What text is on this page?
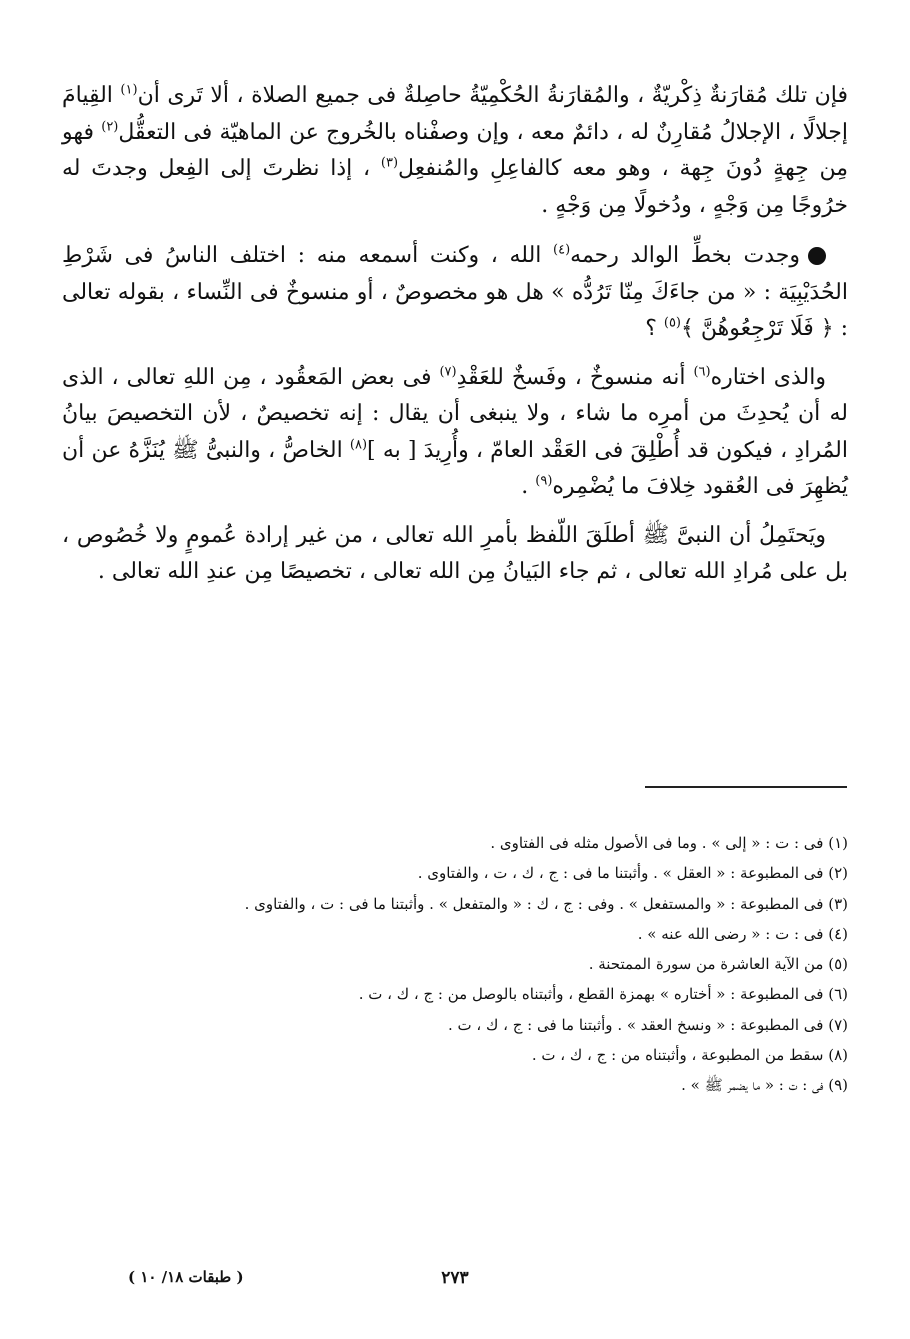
فإن تلك مُقارَنةٌ ذِكْريّةٌ ، والمُقارَنةُ الحُكْمِيّةُ حاصِلةٌ فى جميع الصلاة ، ألا تَرى أن$^{(١)}$ القِيامَ إجلالًا ، الإجلالُ مُقارِنٌ له ، دائمٌ معه ، وإن وصفْناه بالخُروج عن الماهيّة فى التعقُّل$^{(٢)}$ فهو مِن جِهةٍ دُونَ جِهة ، وهو معه كالفاعِلِ والمُنفعِل$^{(٣)}$ ، إذا نظرتَ إلى الفِعل وجدتَ له خرُوجًا مِن وَجْهٍ ، ودُخولًا مِن وَجْهٍ .

وجدت بخطِّ الوالد رحمه$^{(٤)}$ الله ، وكنت أسمعه منه : اختلف الناسُ فى شَرْطِ الحُدَيْبِيَة : « من جاءَكَ مِنّا تَرُدُّه » هل هو مخصوصٌ ، أو منسوخٌ فى النِّساء ، بقوله تعالى : ﴿ فَلَا تَرْجِعُوهُنَّ ﴾$^{(٥)}$ ؟

والذى اختاره$^{(٦)}$ أنه منسوخٌ ، وفَسخٌ للعَقْدِ$^{(٧)}$ فى بعض المَعقُود ، مِن اللهِ تعالى ، الذى له أن يُحدِثَ من أمرِه ما شاء ، ولا ينبغى أن يقال : إنه تخصيصٌ ، لأن التخصيصَ بيانُ المُرادِ ، فيكون قد أُطْلِقَ فى العَقْد العامّ ، وأُرِيدَ [ به ]$^{(٨)}$ الخاصُّ ، والنبىُّ ﷺ يُنَزَّهُ عن أن يُظهِرَ فى العُقود خِلافَ ما يُضْمِره$^{(٩)}$ .

ويَحتَمِلُ أن النبىَّ ﷺ أطلَقَ اللّفظ بأمرِ الله تعالى ، من غير إرادة عُمومٍ ولا خُصُوص ، بل على مُرادِ الله تعالى ، ثم جاء البَيانُ مِن الله تعالى ، تخصيصًا مِن عندِ الله تعالى .

(١) فى : ت : « إلى » . وما فى الأصول مثله فى الفتاوى .

(٢) فى المطبوعة : « العقل » . وأثبتنا ما فى : ج ، ك ، ت ، والفتاوى .

(٣) فى المطبوعة : « والمستفعل » . وفى : ج ، ك : « والمتفعل » . وأثبتنا ما فى : ت ، والفتاوى .

(٤) فى : ت : « رضى الله عنه » .

(٥) من الآية العاشرة من سورة الممتحنة .

(٦) فى المطبوعة : « أختاره » بهمزة القطع ، وأثبتناه بالوصل من : ج ، ك ، ت .

(٧) فى المطبوعة : « ونسخ العقد » . وأثبتنا ما فى : ج ، ك ، ت .

(٨) سقط من المطبوعة ، وأثبتناه من : ج ، ك ، ت .

(٩) فى : ت : « ما يضمر ﷺ » .

٢٧٣
( طبقات ١٨/ ١٠ )
